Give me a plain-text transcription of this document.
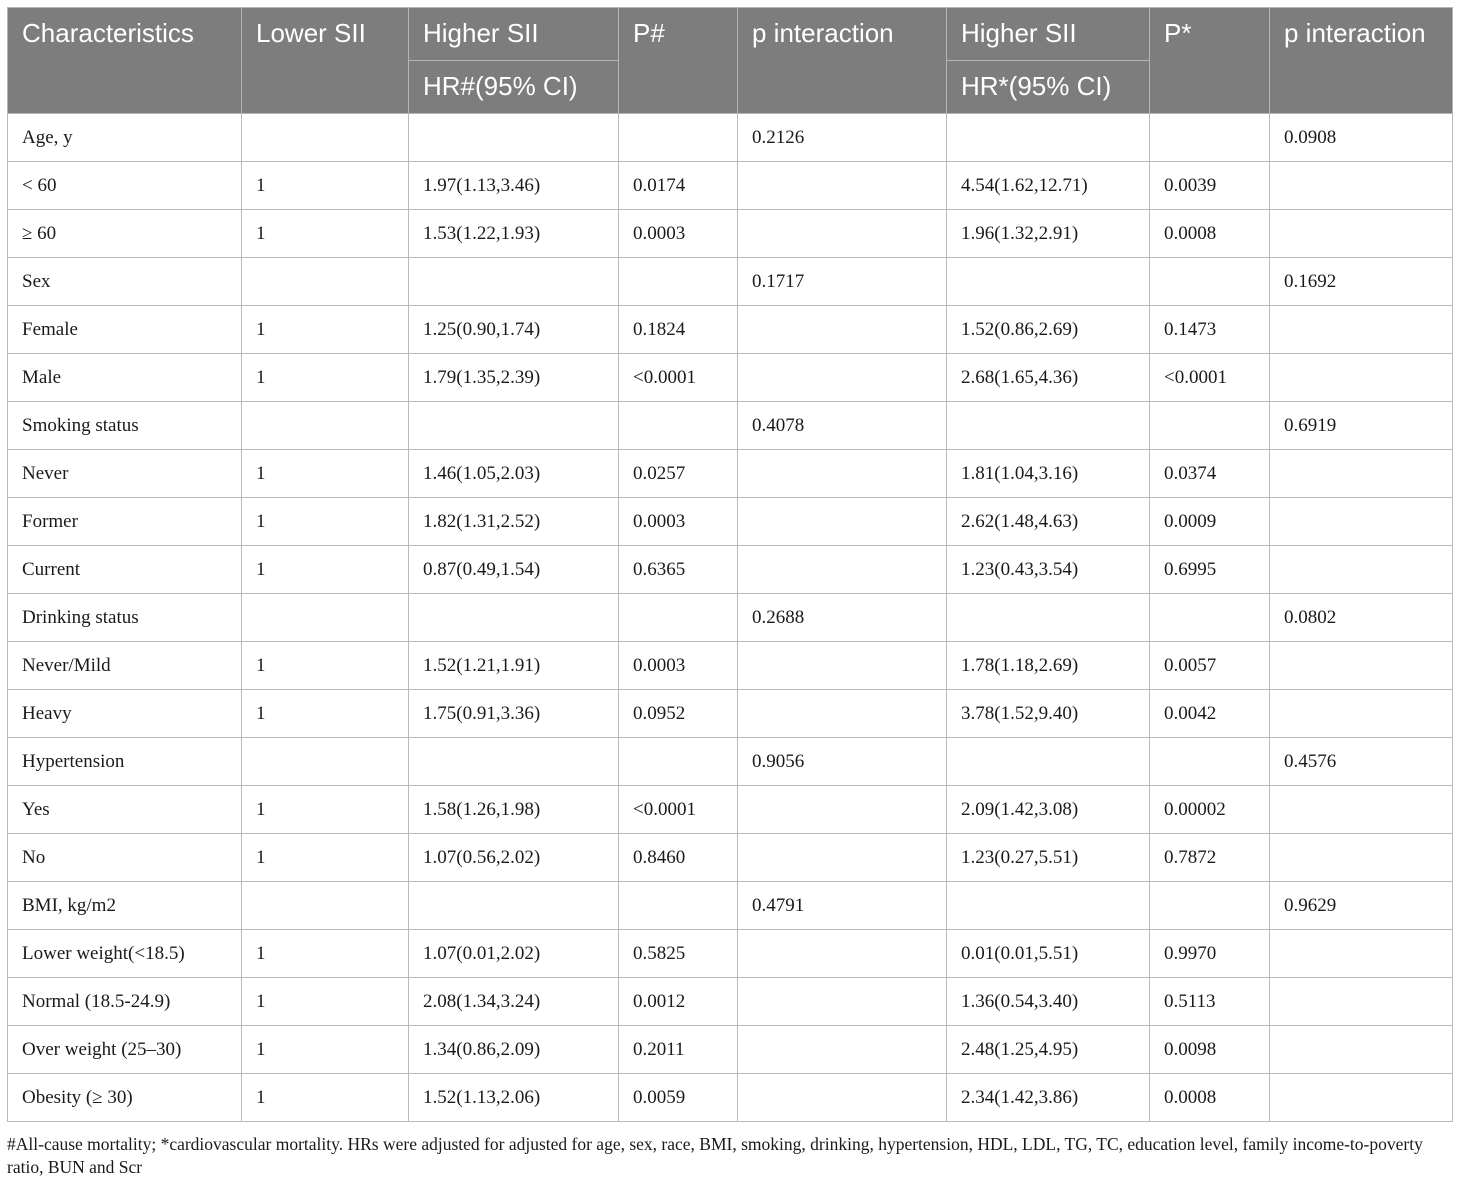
Characteristics	Lower SII	Higher SII	P#	p interaction	Higher SII	P*	p interaction
		HR#(95% CI)			HR*(95% CI)		
Age, y				0.2126			0.0908
< 60	1	1.97(1.13,3.46)	0.0174		4.54(1.62,12.71)	0.0039	
≥ 60	1	1.53(1.22,1.93)	0.0003		1.96(1.32,2.91)	0.0008	
Sex				0.1717			0.1692
Female	1	1.25(0.90,1.74)	0.1824		1.52(0.86,2.69)	0.1473	
Male	1	1.79(1.35,2.39)	<0.0001		2.68(1.65,4.36)	<0.0001	
Smoking status				0.4078			0.6919
Never	1	1.46(1.05,2.03)	0.0257		1.81(1.04,3.16)	0.0374	
Former	1	1.82(1.31,2.52)	0.0003		2.62(1.48,4.63)	0.0009	
Current	1	0.87(0.49,1.54)	0.6365		1.23(0.43,3.54)	0.6995	
Drinking status				0.2688			0.0802
Never/Mild	1	1.52(1.21,1.91)	0.0003		1.78(1.18,2.69)	0.0057	
Heavy	1	1.75(0.91,3.36)	0.0952		3.78(1.52,9.40)	0.0042	
Hypertension				0.9056			0.4576
Yes	1	1.58(1.26,1.98)	<0.0001		2.09(1.42,3.08)	0.00002	
No	1	1.07(0.56,2.02)	0.8460		1.23(0.27,5.51)	0.7872	
BMI, kg/m2				0.4791			0.9629
Lower weight(<18.5)	1	1.07(0.01,2.02)	0.5825		0.01(0.01,5.51)	0.9970	
Normal (18.5-24.9)	1	2.08(1.34,3.24)	0.0012		1.36(0.54,3.40)	0.5113	
Over weight (25–30)	1	1.34(0.86,2.09)	0.2011		2.48(1.25,4.95)	0.0098	
Obesity (≥ 30)	1	1.52(1.13,2.06)	0.0059		2.34(1.42,3.86)	0.0008	
#All-cause mortality; *cardiovascular mortality. HRs were adjusted for adjusted for age, sex, race, BMI, smoking, drinking, hypertension, HDL, LDL, TG, TC, education level, family income-to-poverty ratio, BUN and Scr
